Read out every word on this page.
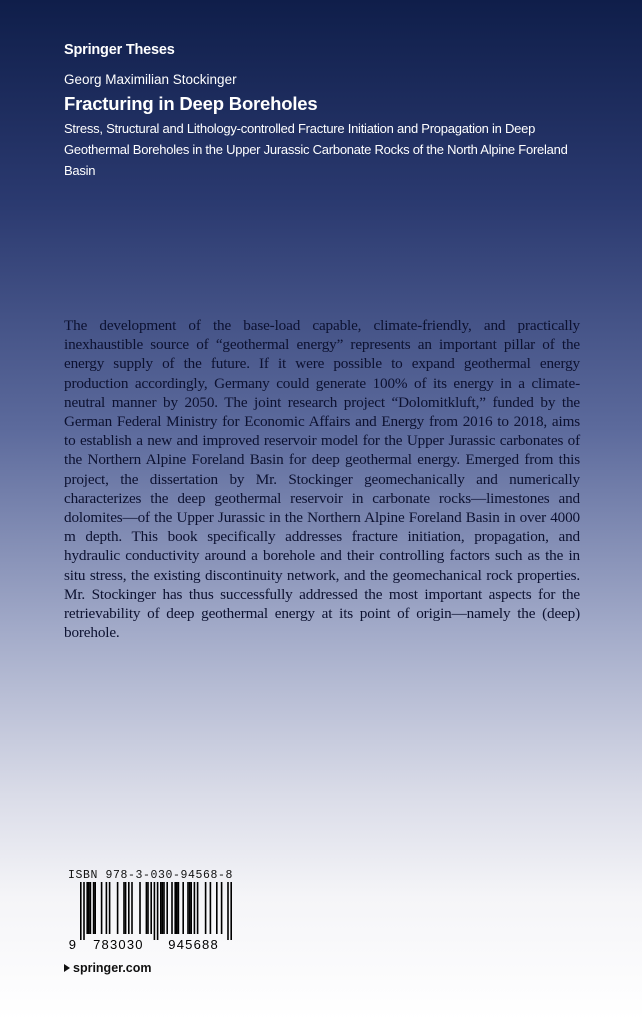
Springer Theses
Georg Maximilian Stockinger
Fracturing in Deep Boreholes
Stress, Structural and Lithology-controlled Fracture Initiation and Propagation in Deep Geothermal Boreholes in the Upper Jurassic Carbonate Rocks of the North Alpine Foreland Basin
The development of the base-load capable, climate-friendly, and practically inexhaustible source of “geothermal energy” represents an important pillar of the energy supply of the future. If it were possible to expand geothermal energy production accordingly, Germany could generate 100% of its energy in a climate-neutral manner by 2050. The joint research project “Dolomitkluft,” funded by the German Federal Ministry for Economic Affairs and Energy from 2016 to 2018, aims to establish a new and improved reservoir model for the Upper Jurassic carbonates of the Northern Alpine Foreland Basin for deep geothermal energy. Emerged from this project, the dissertation by Mr. Stockinger geomechanically and numerically characterizes the deep geothermal reservoir in carbonate rocks—limestones and dolomites—of the Upper Jurassic in the Northern Alpine Foreland Basin in over 4000 m depth. This book specifically addresses fracture initiation, propagation, and hydraulic conductivity around a borehole and their controlling factors such as the in situ stress, the existing discontinuity network, and the geomechanical rock properties. Mr. Stockinger has thus successfully addressed the most important aspects for the retrievability of deep geothermal energy at its point of origin—namely the (deep) borehole.
ISBN 978-3-030-94568-8
9 783030 945688
springer.com
